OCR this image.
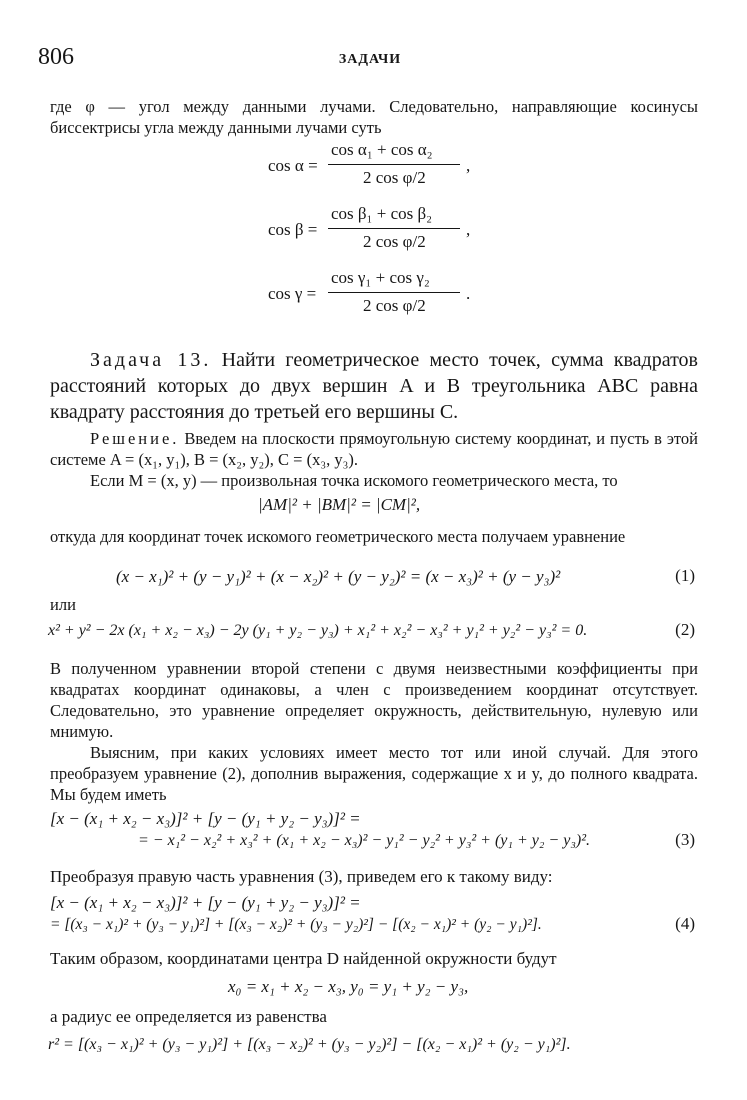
806	ЗАДАЧИ

где φ — угол между данными лучами. Следовательно, направляющие косинусы биссектрисы угла между данными лучами суть

cos α =
cos α₁ + cos α₂
2 cos φ/2
,
cos β =
cos β₁ + cos β₂
2 cos φ/2
,
cos γ =
cos γ₁ + cos γ₂
2 cos φ/2
.

Задача 13. Найти геометрическое место точек, сумма квадратов расстояний которых до двух вершин A и B треугольника ABC равна квадрату расстояния до третьей его вершины C.

Решение. Введем на плоскости прямоугольную систему координат, и пусть в этой системе A = (x₁, y₁), B = (x₂, y₂), C = (x₃, y₃).

Если M = (x, y) — произвольная точка искомого геометрического места, то

|AM|² + |BM|² = |CM|²,

откуда для координат точек искомого геометрического места получаем уравнение

(x − x₁)² + (y − y₁)² + (x − x₂)² + (y − y₂)² = (x − x₃)² + (y − y₃)²	(1)

или

x² + y² − 2x (x₁ + x₂ − x₃) − 2y (y₁ + y₂ − y₃) + x₁² + x₂² − x₃² + y₁² + y₂² − y₃² = 0.	(2)

В полученном уравнении второй степени с двумя неизвестными коэффициенты при квадратах координат одинаковы, а член с произведением координат отсутствует. Следовательно, это уравнение определяет окружность, действительную, нулевую или мнимую.

Выясним, при каких условиях имеет место тот или иной случай. Для этого преобразуем уравнение (2), дополнив выражения, содержащие x и y, до полного квадрата. Мы будем иметь

[x − (x₁ + x₂ − x₃)]² + [y − (y₁ + y₂ − y₃)]² =
= − x₁² − x₂² + x₃² + (x₁ + x₂ − x₃)² − y₁² − y₂² + y₃² + (y₁ + y₂ − y₃)².	(3)

Преобразуя правую часть уравнения (3), приведем его к такому виду:

[x − (x₁ + x₂ − x₃)]² + [y − (y₁ + y₂ − y₃)]² =
= [(x₃ − x₁)² + (y₃ − y₁)²] + [(x₃ − x₂)² + (y₃ − y₂)²] − [(x₂ − x₁)² + (y₂ − y₁)²].	(4)

Таким образом, координатами центра D найденной окружности будут

x₀ = x₁ + x₂ − x₃, y₀ = y₁ + y₂ − y₃,

а радиус ее определяется из равенства

r² = [(x₃ − x₁)² + (y₃ − y₁)²] + [(x₃ − x₂)² + (y₃ − y₂)²] − [(x₂ − x₁)² + (y₂ − y₁)²].
